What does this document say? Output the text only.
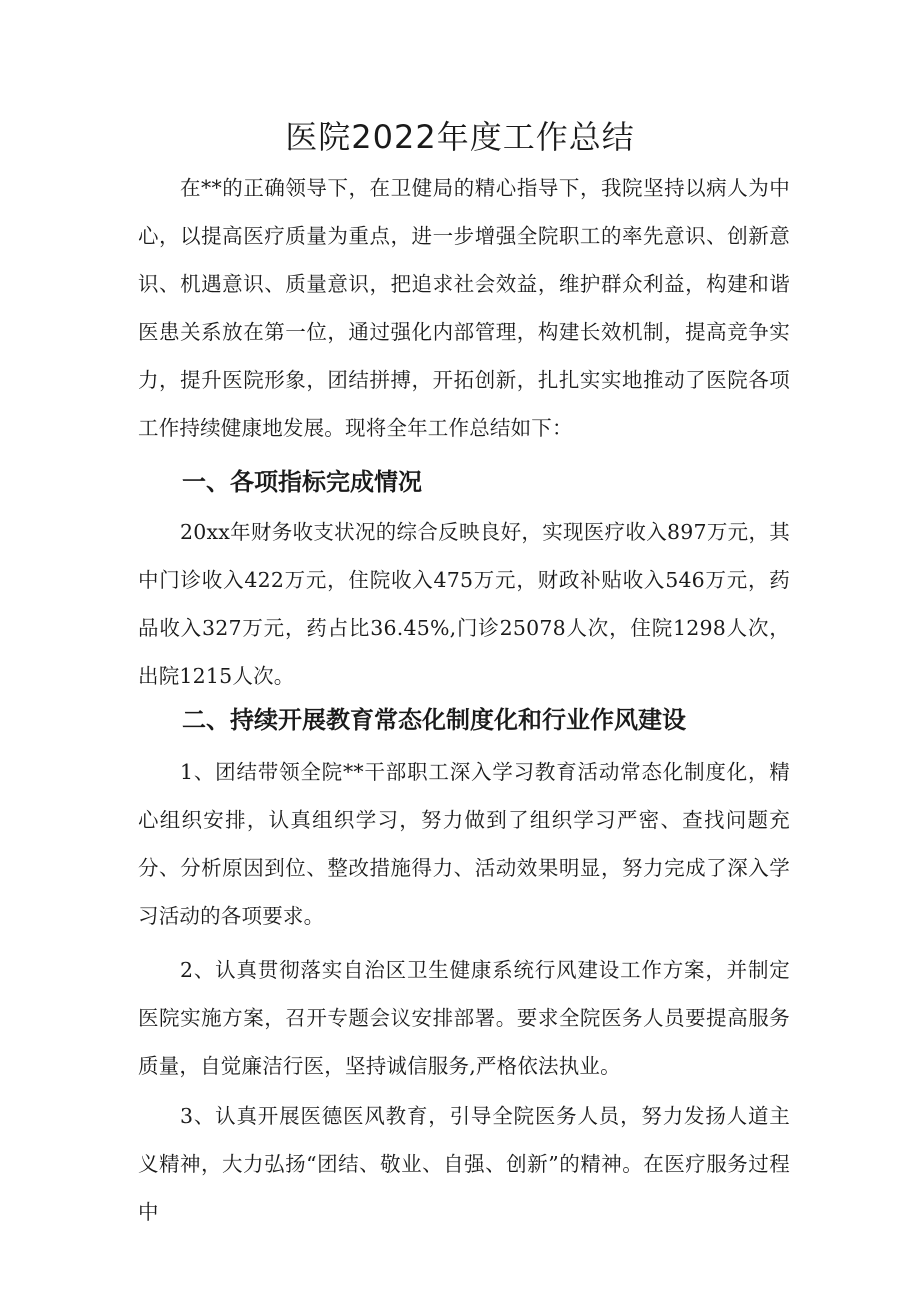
医院2022年度工作总结

在**的正确领导下，在卫健局的精心指导下，我院坚持以病人为中心，以提高医疗质量为重点，进一步增强全院职工的率先意识、创新意识、机遇意识、质量意识，把追求社会效益，维护群众利益，构建和谐医患关系放在第一位，通过强化内部管理，构建长效机制，提高竞争实力，提升医院形象，团结拼搏，开拓创新，扎扎实实地推动了医院各项工作持续健康地发展。现将全年工作总结如下：

一、各项指标完成情况

20xx年财务收支状况的综合反映良好，实现医疗收入897万元，其中门诊收入422万元，住院收入475万元，财政补贴收入546万元，药品收入327万元，药占比36.45%,门诊25078人次，住院1298人次，出院1215人次。

二、持续开展教育常态化制度化和行业作风建设

1、团结带领全院**干部职工深入学习教育活动常态化制度化，精心组织安排，认真组织学习，努力做到了组织学习严密、查找问题充分、分析原因到位、整改措施得力、活动效果明显，努力完成了深入学习活动的各项要求。

2、认真贯彻落实自治区卫生健康系统行风建设工作方案，并制定医院实施方案，召开专题会议安排部署。要求全院医务人员要提高服务质量，自觉廉洁行医，坚持诚信服务,严格依法执业。

3、认真开展医德医风教育，引导全院医务人员，努力发扬人道主义精神，大力弘扬“团结、敬业、自强、创新”的精神。在医疗服务过程中
